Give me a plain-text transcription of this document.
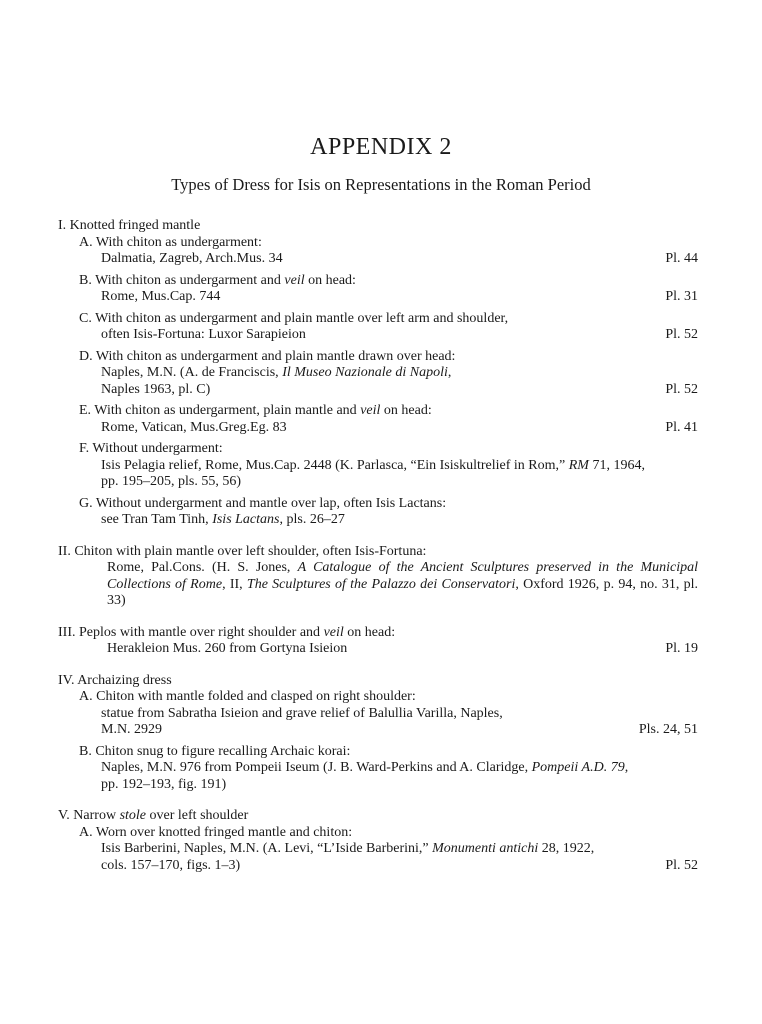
APPENDIX 2
Types of Dress for Isis on Representations in the Roman Period
I. Knotted fringed mantle
A. With chiton as undergarment:
Dalmatia, Zagreb, Arch.Mus. 34	Pl. 44
B. With chiton as undergarment and veil on head:
Rome, Mus.Cap. 744	Pl. 31
C. With chiton as undergarment and plain mantle over left arm and shoulder,
often Isis-Fortuna: Luxor Sarapieion	Pl. 52
D. With chiton as undergarment and plain mantle drawn over head:
Naples, M.N. (A. de Franciscis, Il Museo Nazionale di Napoli,
Naples 1963, pl. C)	Pl. 52
E. With chiton as undergarment, plain mantle and veil on head:
Rome, Vatican, Mus.Greg.Eg. 83	Pl. 41
F. Without undergarment:
Isis Pelagia relief, Rome, Mus.Cap. 2448 (K. Parlasca, “Ein Isiskultrelief in Rom,” RM 71, 1964,
pp. 195–205, pls. 55, 56)
G. Without undergarment and mantle over lap, often Isis Lactans:
see Tran Tam Tinh, Isis Lactans, pls. 26–27
II. Chiton with plain mantle over left shoulder, often Isis-Fortuna:
Rome, Pal.Cons. (H. S. Jones, A Catalogue of the Ancient Sculptures preserved in the Municipal Collections of Rome, II, The Sculptures of the Palazzo dei Conservatori, Oxford 1926, p. 94, no. 31, pl. 33)
III. Peplos with mantle over right shoulder and veil on head:
Herakleion Mus. 260 from Gortyna Isieion	Pl. 19
IV. Archaizing dress
A. Chiton with mantle folded and clasped on right shoulder:
statue from Sabratha Isieion and grave relief of Balullia Varilla, Naples,
M.N. 2929	Pls. 24, 51
B. Chiton snug to figure recalling Archaic korai:
Naples, M.N. 976 from Pompeii Iseum (J. B. Ward-Perkins and A. Claridge, Pompeii A.D. 79,
pp. 192–193, fig. 191)
V. Narrow stole over left shoulder
A. Worn over knotted fringed mantle and chiton:
Isis Barberini, Naples, M.N. (A. Levi, “L’Iside Barberini,” Monumenti antichi 28, 1922,
cols. 157–170, figs. 1–3)	Pl. 52
